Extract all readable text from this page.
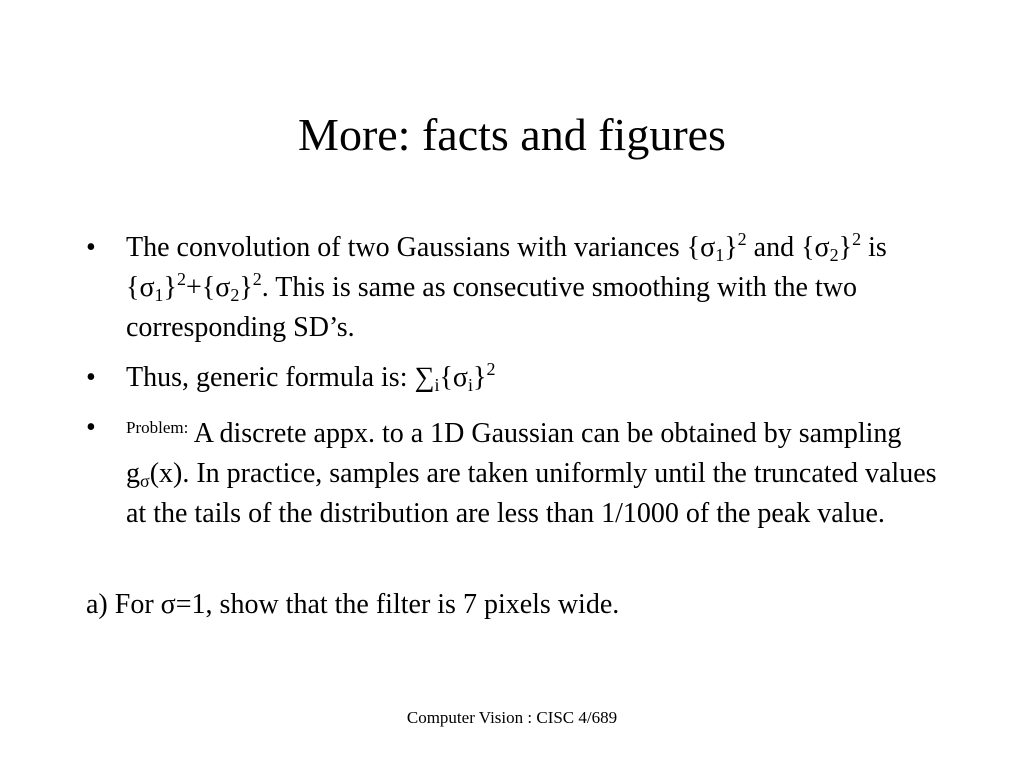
More: facts and figures
• The convolution of two Gaussians with variances $\{\sigma_1\}^2$ and $\{\sigma_2\}^2$ is $\{\sigma_1\}^2+\{\sigma_2\}^2$. This is same as consecutive smoothing with the two corresponding SD’s.
• Thus, generic formula is: $\sum_i\{\sigma_i\}^2$
• $^{Problem:}$ A discrete appx. to a 1D Gaussian can be obtained by sampling $g_\sigma(x)$. In practice, samples are taken uniformly until the truncated values at the tails of the distribution are less than 1/1000 of the peak value.
a) For σ=1, show that the filter is 7 pixels wide.
Computer Vision : CISC 4/689
